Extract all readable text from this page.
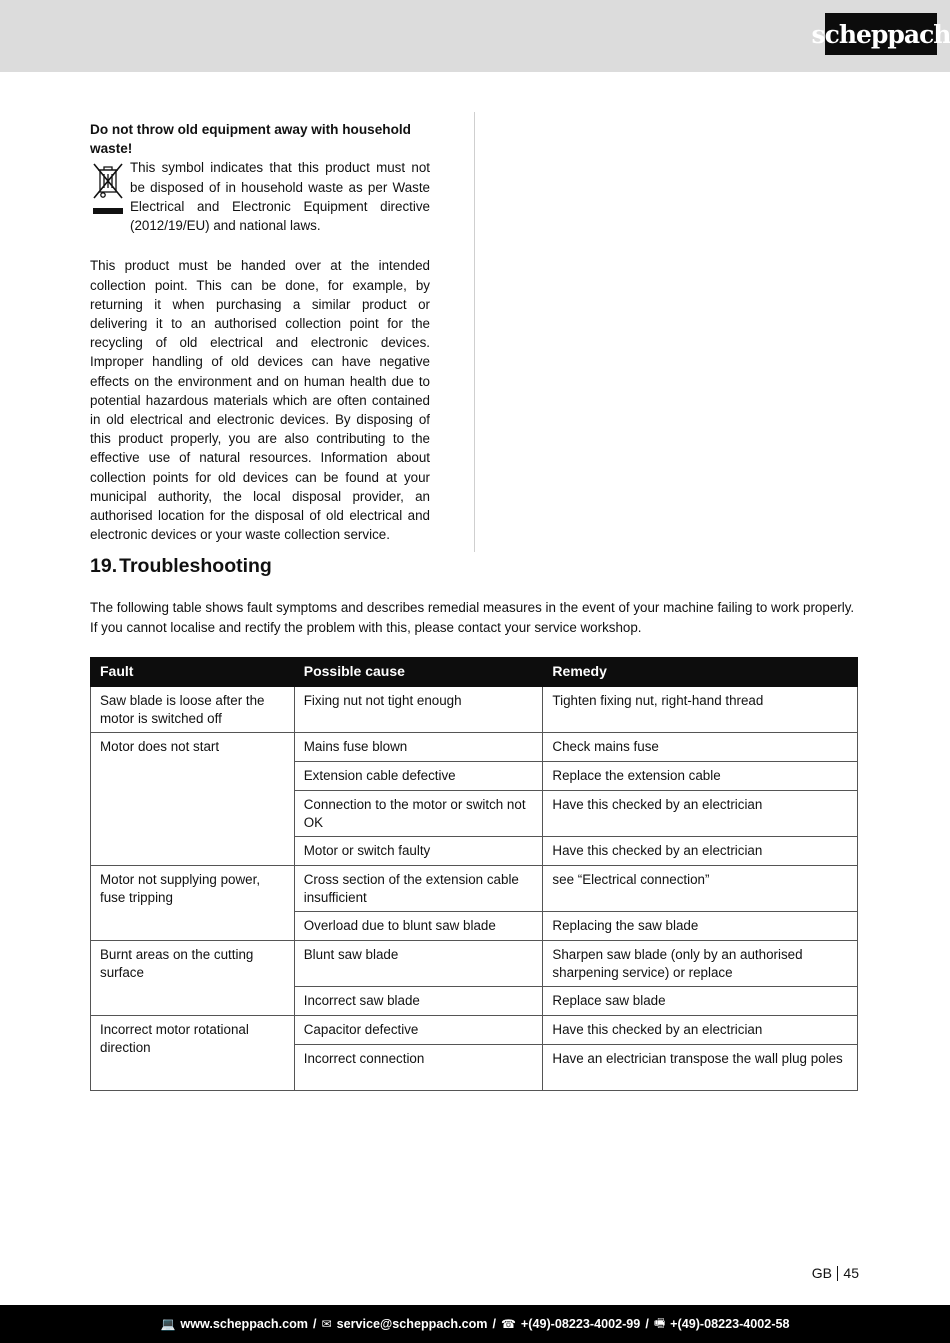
scheppach
Do not throw old equipment away with household waste!
This symbol indicates that this product must not be disposed of in household waste as per Waste Electrical and Electronic Equipment directive (2012/19/EU) and national laws.
This product must be handed over at the intended collection point. This can be done, for example, by returning it when purchasing a similar product or delivering it to an authorised collection point for the recycling of old electrical and electronic devices. Improper handling of old devices can have negative effects on the environment and on human health due to potential hazardous materials which are often contained in old electrical and electronic devices. By disposing of this product properly, you are also contributing to the effective use of natural resources. Information about collection points for old devices can be found at your municipal authority, the local disposal provider, an authorised location for the disposal of old electrical and electronic devices or your waste collection service.
19. Troubleshooting
The following table shows fault symptoms and describes remedial measures in the event of your machine failing to work properly. If you cannot localise and rectify the problem with this, please contact your service workshop.
Fault	Possible cause	Remedy
Saw blade is loose after the motor is switched off	Fixing nut not tight enough	Tighten fixing nut, right-hand thread
Motor does not start	Mains fuse blown	Check mains fuse
	Extension cable defective	Replace the extension cable
	Connection to the motor or switch not OK	Have this checked by an electrician
	Motor or switch faulty	Have this checked by an electrician
Motor not supplying power, fuse tripping	Cross section of the extension cable insufficient	see “Electrical connection”
	Overload due to blunt saw blade	Replacing the saw blade
Burnt areas on the cutting surface	Blunt saw blade	Sharpen saw blade (only by an authorised sharpening service) or replace
	Incorrect saw blade	Replace saw blade
Incorrect motor rotational direction	Capacitor defective	Have this checked by an electrician
	Incorrect connection	Have an electrician transpose the wall plug poles
GB 45
💻 www.scheppach.com / ✉ service@scheppach.com / ☎ +(49)-08223-4002-99 / 🖷 +(49)-08223-4002-58
